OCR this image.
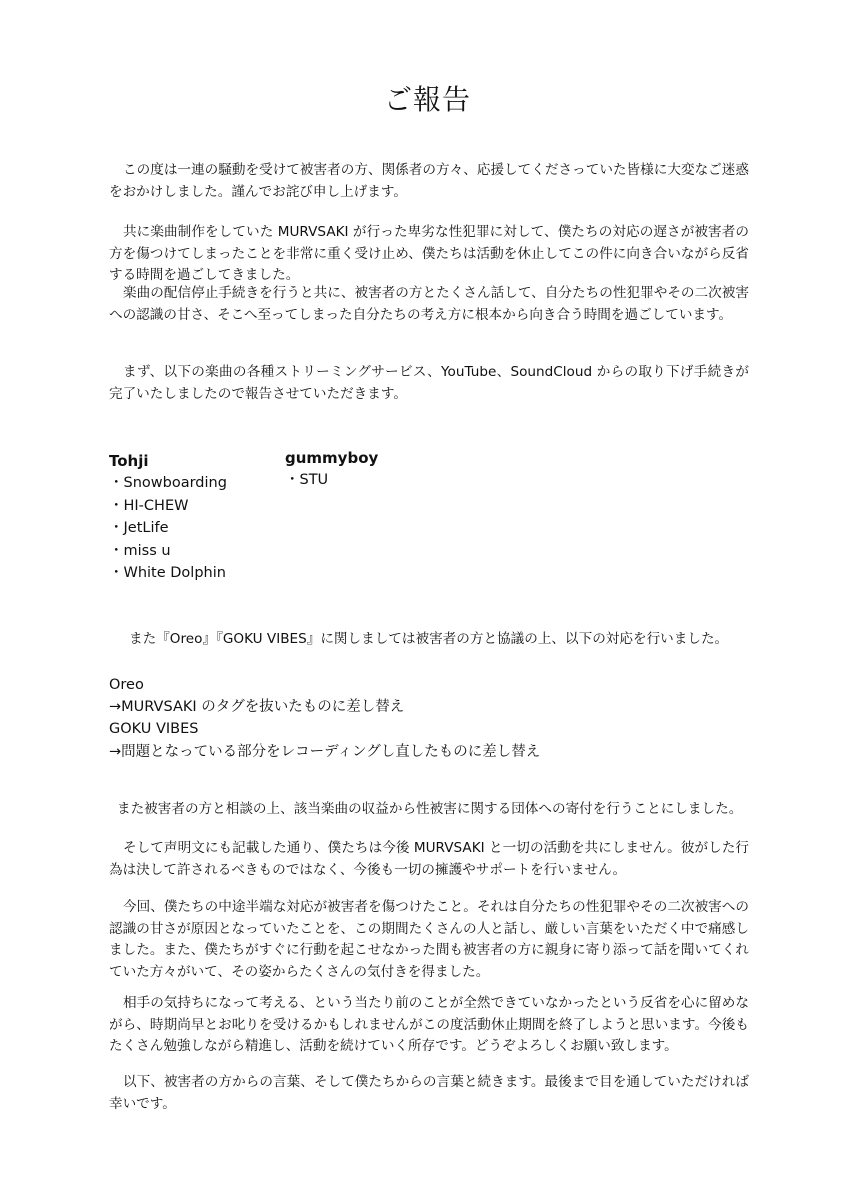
ご報告

この度は一連の騒動を受けて被害者の方、関係者の方々、応援してくださっていた皆様に大変なご迷惑をおかけしました。謹んでお詫び申し上げます。

共に楽曲制作をしていた MURVSAKI が行った卑劣な性犯罪に対して、僕たちの対応の遅さが被害者の方を傷つけてしまったことを非常に重く受け止め、僕たちは活動を休止してこの件に向き合いながら反省する時間を過ごしてきました。

楽曲の配信停止手続きを行うと共に、被害者の方とたくさん話して、自分たちの性犯罪やその二次被害への認識の甘さ、そこへ至ってしまった自分たちの考え方に根本から向き合う時間を過ごしています。

まず、以下の楽曲の各種ストリーミングサービス、YouTube、SoundCloud からの取り下げ手続きが完了いたしましたので報告させていただきます。

Tohji
・Snowboarding
・HI-CHEW
・JetLife
・miss u
・White Dolphin
gummyboy
・STU

また『Oreo』『GOKU VIBES』に関しましては被害者の方と協議の上、以下の対応を行いました。

Oreo
→MURVSAKI のタグを抜いたものに差し替え
GOKU VIBES
→問題となっている部分をレコーディングし直したものに差し替え

また被害者の方と相談の上、該当楽曲の収益から性被害に関する団体への寄付を行うことにしました。

そして声明文にも記載した通り、僕たちは今後 MURVSAKI と一切の活動を共にしません。彼がした行為は決して許されるべきものではなく、今後も一切の擁護やサポートを行いません。

今回、僕たちの中途半端な対応が被害者を傷つけたこと。それは自分たちの性犯罪やその二次被害への認識の甘さが原因となっていたことを、この期間たくさんの人と話し、厳しい言葉をいただく中で痛感しました。また、僕たちがすぐに行動を起こせなかった間も被害者の方に親身に寄り添って話を聞いてくれていた方々がいて、その姿からたくさんの気付きを得ました。

相手の気持ちになって考える、という当たり前のことが全然できていなかったという反省を心に留めながら、時期尚早とお叱りを受けるかもしれませんがこの度活動休止期間を終了しようと思います。今後もたくさん勉強しながら精進し、活動を続けていく所存です。どうぞよろしくお願い致します。

以下、被害者の方からの言葉、そして僕たちからの言葉と続きます。最後まで目を通していただければ幸いです。
